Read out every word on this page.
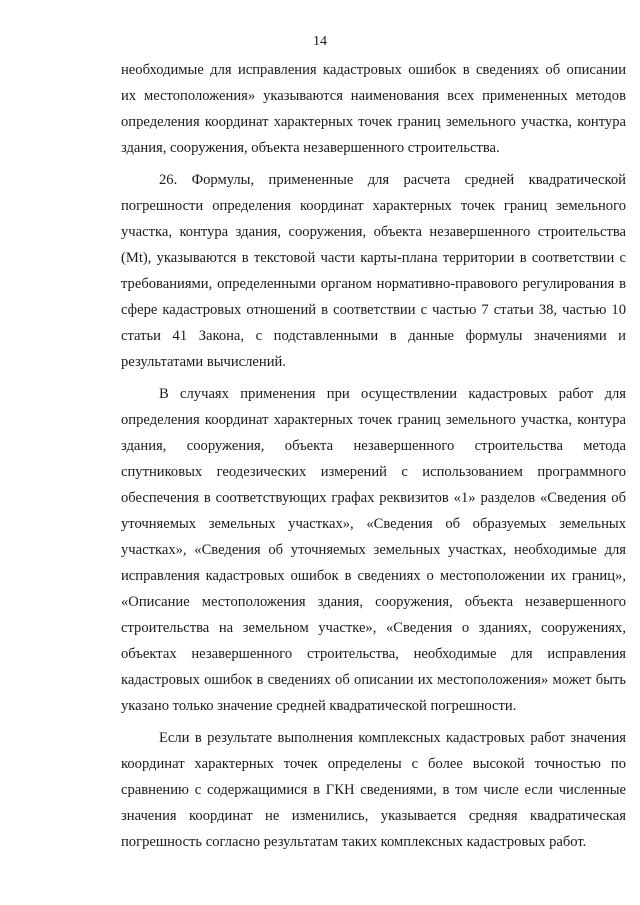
14
необходимые для исправления кадастровых ошибок в сведениях об описании
их местоположения» указываются наименования всех примененных методов
определения координат характерных точек границ земельного участка, контура
здания, сооружения, объекта незавершенного строительства.
26. Формулы, примененные для расчета средней квадратической
погрешности определения координат характерных точек границ земельного
участка, контура здания, сооружения, объекта незавершенного строительства
(Mt), указываются в текстовой части карты-плана территории в соответствии с
требованиями, определенными органом нормативно-правового регулирования в
сфере кадастровых отношений в соответствии с частью 7 статьи 38, частью 10
статьи 41 Закона, с подставленными в данные формулы значениями и
результатами вычислений.
В случаях применения при осуществлении кадастровых работ для
определения координат характерных точек границ земельного участка, контура
здания, сооружения, объекта незавершенного строительства метода
спутниковых геодезических измерений с использованием программного
обеспечения в соответствующих графах реквизитов «1» разделов «Сведения об
уточняемых земельных участках», «Сведения об образуемых земельных
участках», «Сведения об уточняемых земельных участках, необходимые для
исправления кадастровых ошибок в сведениях о местоположении их границ»,
«Описание местоположения здания, сооружения, объекта незавершенного
строительства на земельном участке», «Сведения о зданиях, сооружениях,
объектах незавершенного строительства, необходимые для исправления
кадастровых ошибок в сведениях об описании их местоположения» может быть
указано только значение средней квадратической погрешности.
Если в результате выполнения комплексных кадастровых работ значения
координат характерных точек определены с более высокой точностью по
сравнению с содержащимися в ГКН сведениями, в том числе если численные
значения координат не изменились, указывается средняя квадратическая
погрешность согласно результатам таких комплексных кадастровых работ.
